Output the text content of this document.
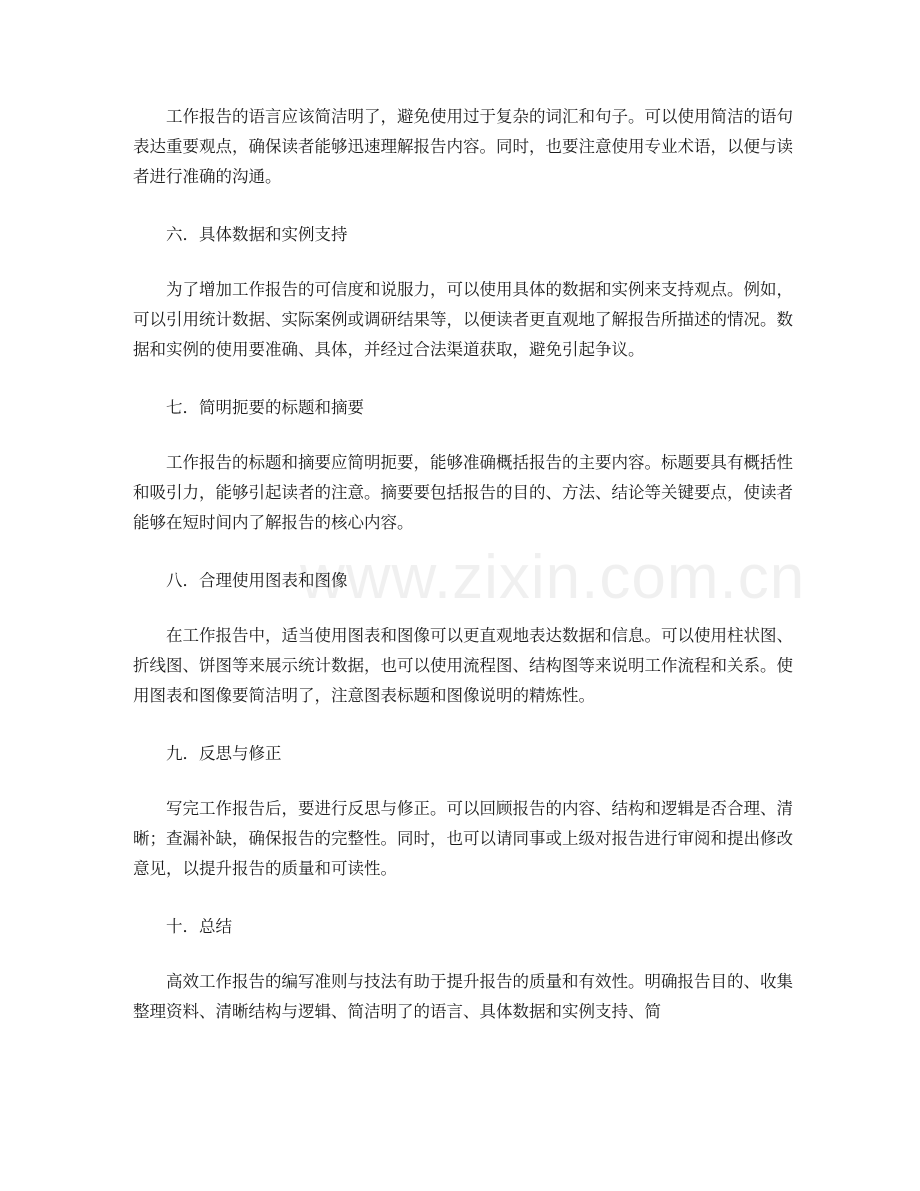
www.zixin.com.cn

工作报告的语言应该简洁明了，避免使用过于复杂的词汇和句子。可以使用简洁的语句表达重要观点，确保读者能够迅速理解报告内容。同时，也要注意使用专业术语，以便与读者进行准确的沟通。

六．具体数据和实例支持

为了增加工作报告的可信度和说服力，可以使用具体的数据和实例来支持观点。例如，可以引用统计数据、实际案例或调研结果等，以便读者更直观地了解报告所描述的情况。数据和实例的使用要准确、具体，并经过合法渠道获取，避免引起争议。

七．简明扼要的标题和摘要

工作报告的标题和摘要应简明扼要，能够准确概括报告的主要内容。标题要具有概括性和吸引力，能够引起读者的注意。摘要要包括报告的目的、方法、结论等关键要点，使读者能够在短时间内了解报告的核心内容。

八．合理使用图表和图像

在工作报告中，适当使用图表和图像可以更直观地表达数据和信息。可以使用柱状图、折线图、饼图等来展示统计数据，也可以使用流程图、结构图等来说明工作流程和关系。使用图表和图像要简洁明了，注意图表标题和图像说明的精炼性。

九．反思与修正

写完工作报告后，要进行反思与修正。可以回顾报告的内容、结构和逻辑是否合理、清晰；查漏补缺，确保报告的完整性。同时，也可以请同事或上级对报告进行审阅和提出修改意见，以提升报告的质量和可读性。

十．总结

高效工作报告的编写准则与技法有助于提升报告的质量和有效性。明确报告目的、收集整理资料、清晰结构与逻辑、简洁明了的语言、具体数据和实例支持、简
